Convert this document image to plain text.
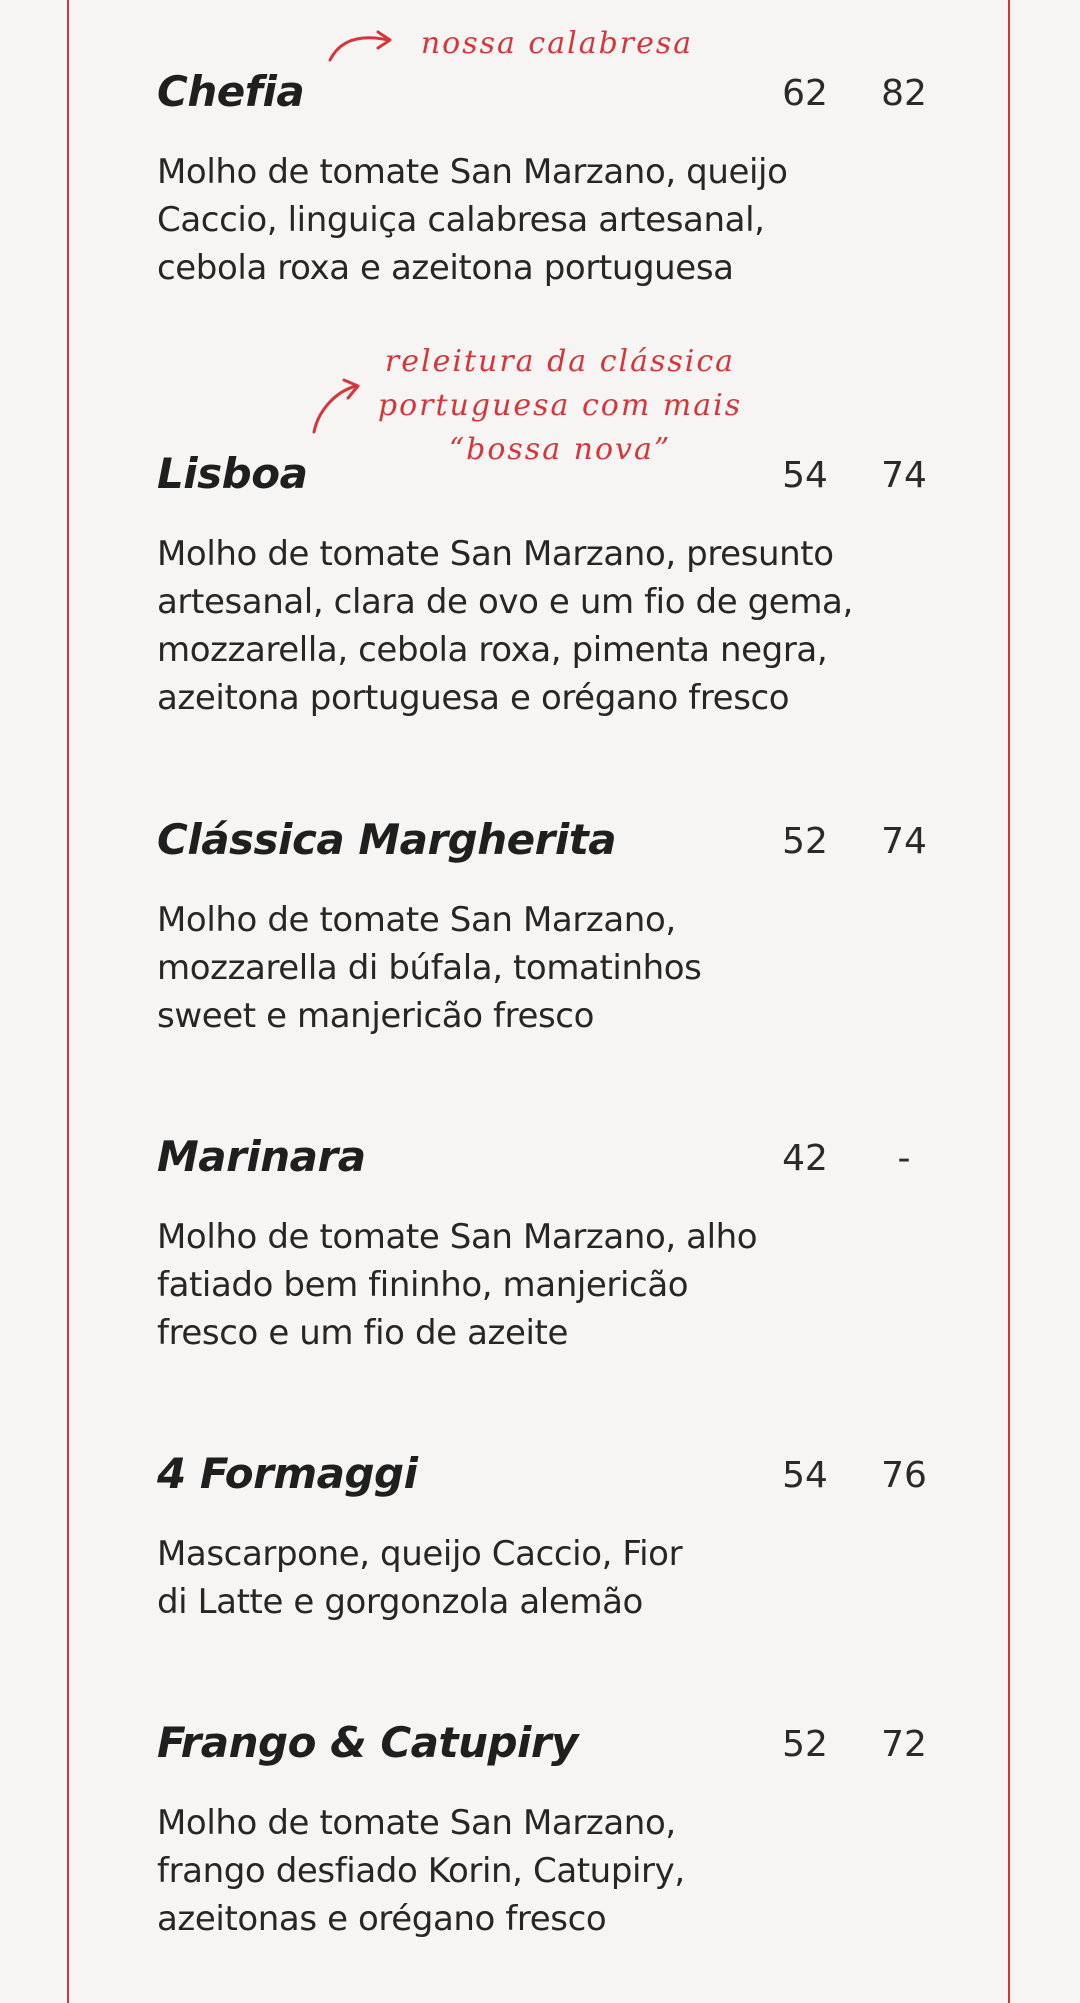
nossa calabresa
releitura da clássica
portuguesa com mais
“bossa nova”
Chefia	62	82
Molho de tomate San Marzano, queijo
Caccio, linguiça calabresa artesanal,
cebola roxa e azeitona portuguesa
Lisboa	54	74
Molho de tomate San Marzano, presunto
artesanal, clara de ovo e um fio de gema,
mozzarella, cebola roxa, pimenta negra,
azeitona portuguesa e orégano fresco
Clássica Margherita	52	74
Molho de tomate San Marzano,
mozzarella di búfala, tomatinhos
sweet e manjericão fresco
Marinara	42	-
Molho de tomate San Marzano, alho
fatiado bem fininho, manjericão
fresco e um fio de azeite
4 Formaggi	54	76
Mascarpone, queijo Caccio, Fior
di Latte e gorgonzola alemão
Frango & Catupiry	52	72
Molho de tomate San Marzano,
frango desfiado Korin, Catupiry,
azeitonas e orégano fresco
